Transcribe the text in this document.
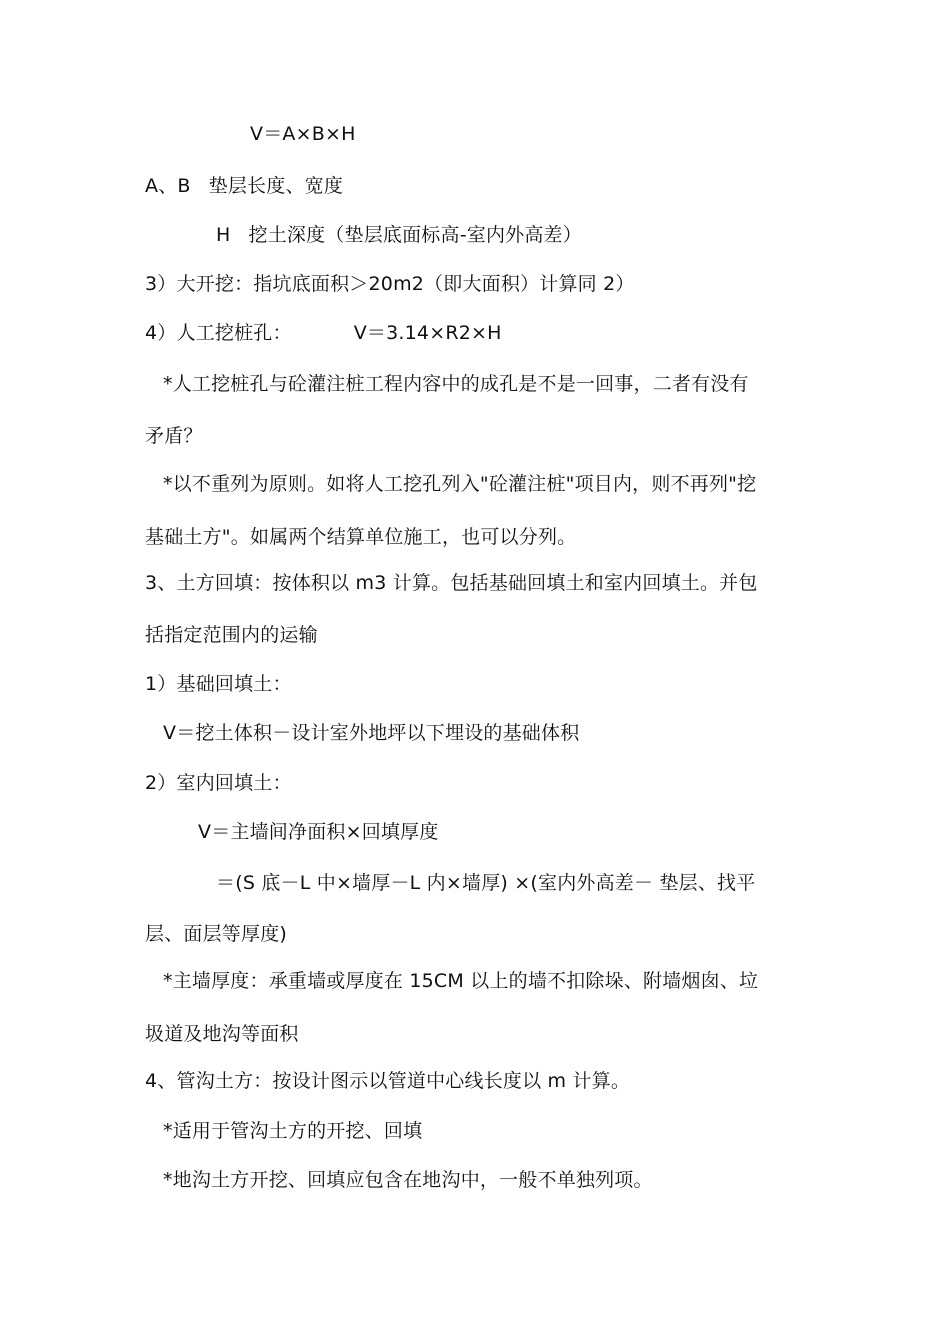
V＝A×B×H
A、B 垫层长度、宽度
H 挖土深度（垫层底面标高-室内外高差）
3）大开挖：指坑底面积＞20m2（即大面积）计算同 2）
4）人工挖桩孔：	V＝3.14×R2×H
*人工挖桩孔与砼灌注桩工程内容中的成孔是不是一回事，二者有没有
矛盾？
*以不重列为原则。如将人工挖孔列入"砼灌注桩"项目内，则不再列"挖
基础土方"。如属两个结算单位施工，也可以分列。
3、土方回填：按体积以 m3 计算。包括基础回填土和室内回填土。并包
括指定范围内的运输
1）基础回填土：
V＝挖土体积－设计室外地坪以下埋设的基础体积
2）室内回填土：
V＝主墙间净面积×回填厚度
＝(S 底－L 中×墙厚－L 内×墙厚) ×(室内外高差－ 垫层、找平
层、面层等厚度)
*主墙厚度：承重墙或厚度在 15CM 以上的墙不扣除垛、附墙烟囱、垃
圾道及地沟等面积
4、管沟土方：按设计图示以管道中心线长度以 m 计算。
*适用于管沟土方的开挖、回填
*地沟土方开挖、回填应包含在地沟中，一般不单独列项。
